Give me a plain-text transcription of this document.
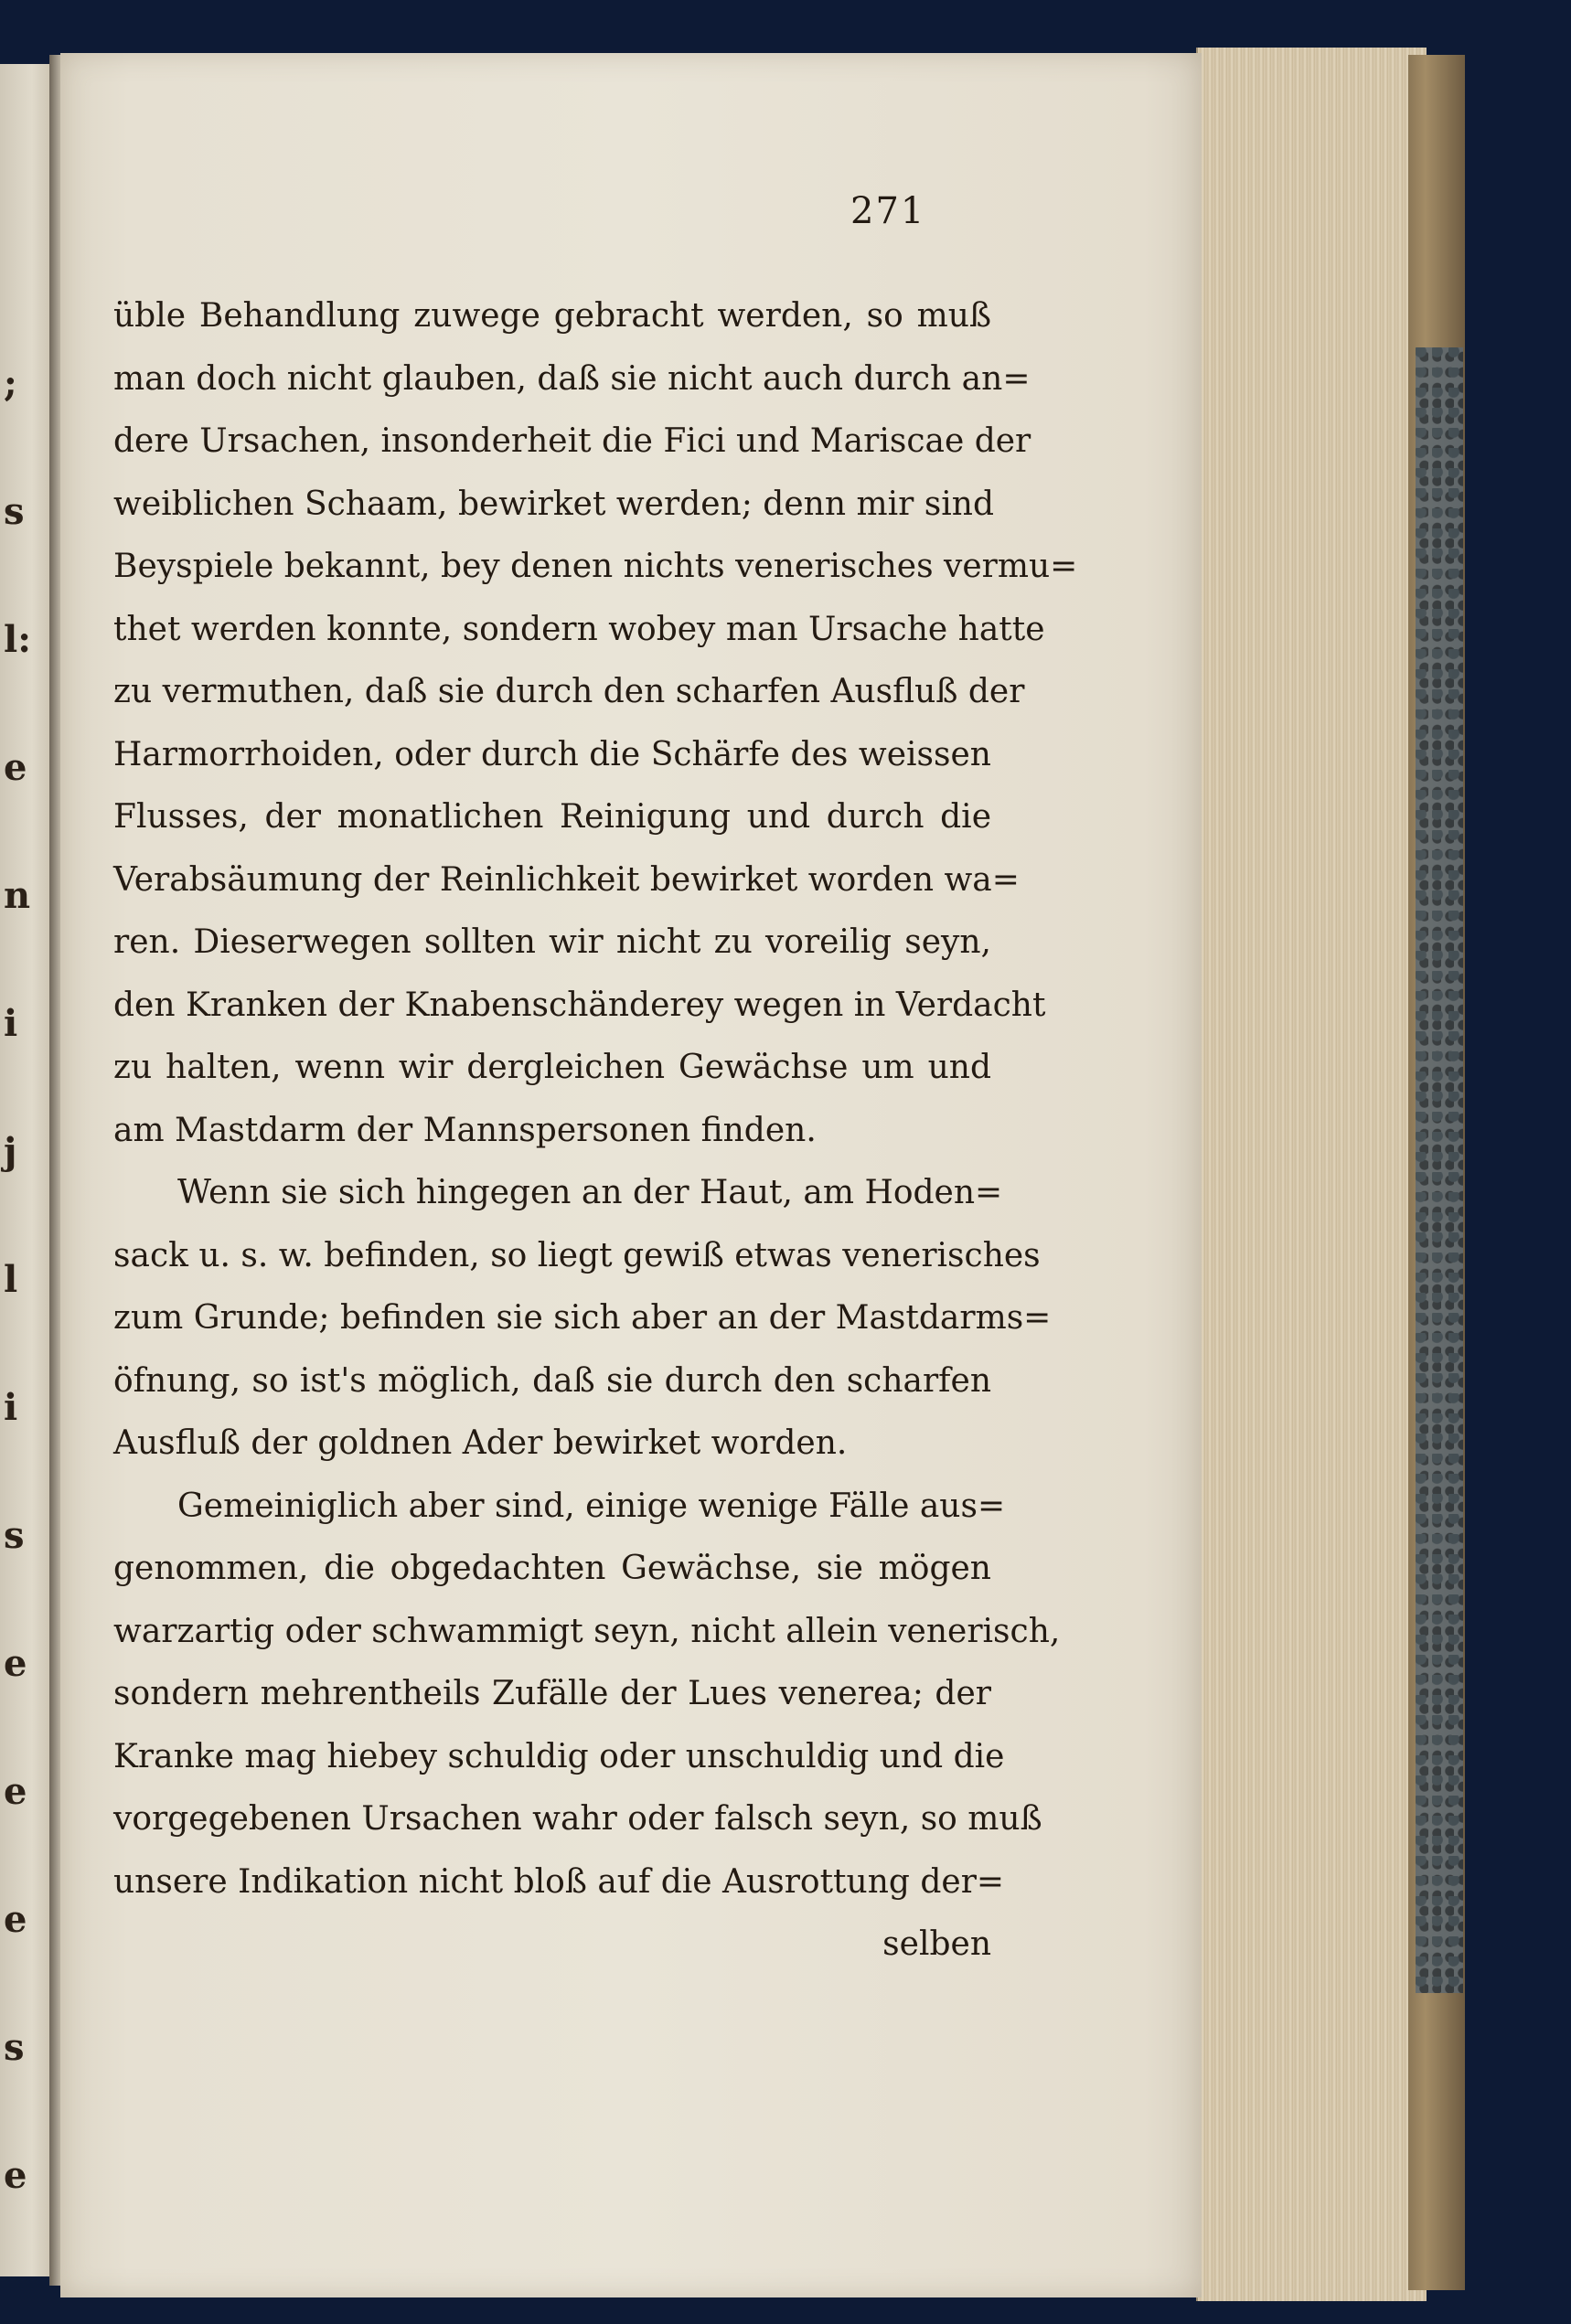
;
s
l:
e
n
i
j
l
i
s
e
e
e
s
e
271
üble Behandlung zuwege gebracht werden, so muß
man doch nicht glauben, daß sie nicht auch durch an=
dere Ursachen, insonderheit die Fici und Mariscae der
weiblichen Schaam, bewirket werden; denn mir sind
Beyspiele bekannt, bey denen nichts venerisches vermu=
thet werden konnte, sondern wobey man Ursache hatte
zu vermuthen, daß sie durch den scharfen Ausfluß der
Harmorrhoiden, oder durch die Schärfe des weissen
Flusses, der monatlichen Reinigung und durch die
Verabsäumung der Reinlichkeit bewirket worden wa=
ren. Dieserwegen sollten wir nicht zu voreilig seyn,
den Kranken der Knabenschänderey wegen in Verdacht
zu halten, wenn wir dergleichen Gewächse um und
am Mastdarm der Mannspersonen finden.
Wenn sie sich hingegen an der Haut, am Hoden=
sack u. s. w. befinden, so liegt gewiß etwas venerisches
zum Grunde; befinden sie sich aber an der Mastdarms=
öfnung, so ist's möglich, daß sie durch den scharfen
Ausfluß der goldnen Ader bewirket worden.
Gemeiniglich aber sind, einige wenige Fälle aus=
genommen, die obgedachten Gewächse, sie mögen
warzartig oder schwammigt seyn, nicht allein venerisch,
sondern mehrentheils Zufälle der Lues venerea; der
Kranke mag hiebey schuldig oder unschuldig und die
vorgegebenen Ursachen wahr oder falsch seyn, so muß
unsere Indikation nicht bloß auf die Ausrottung der=
selben
